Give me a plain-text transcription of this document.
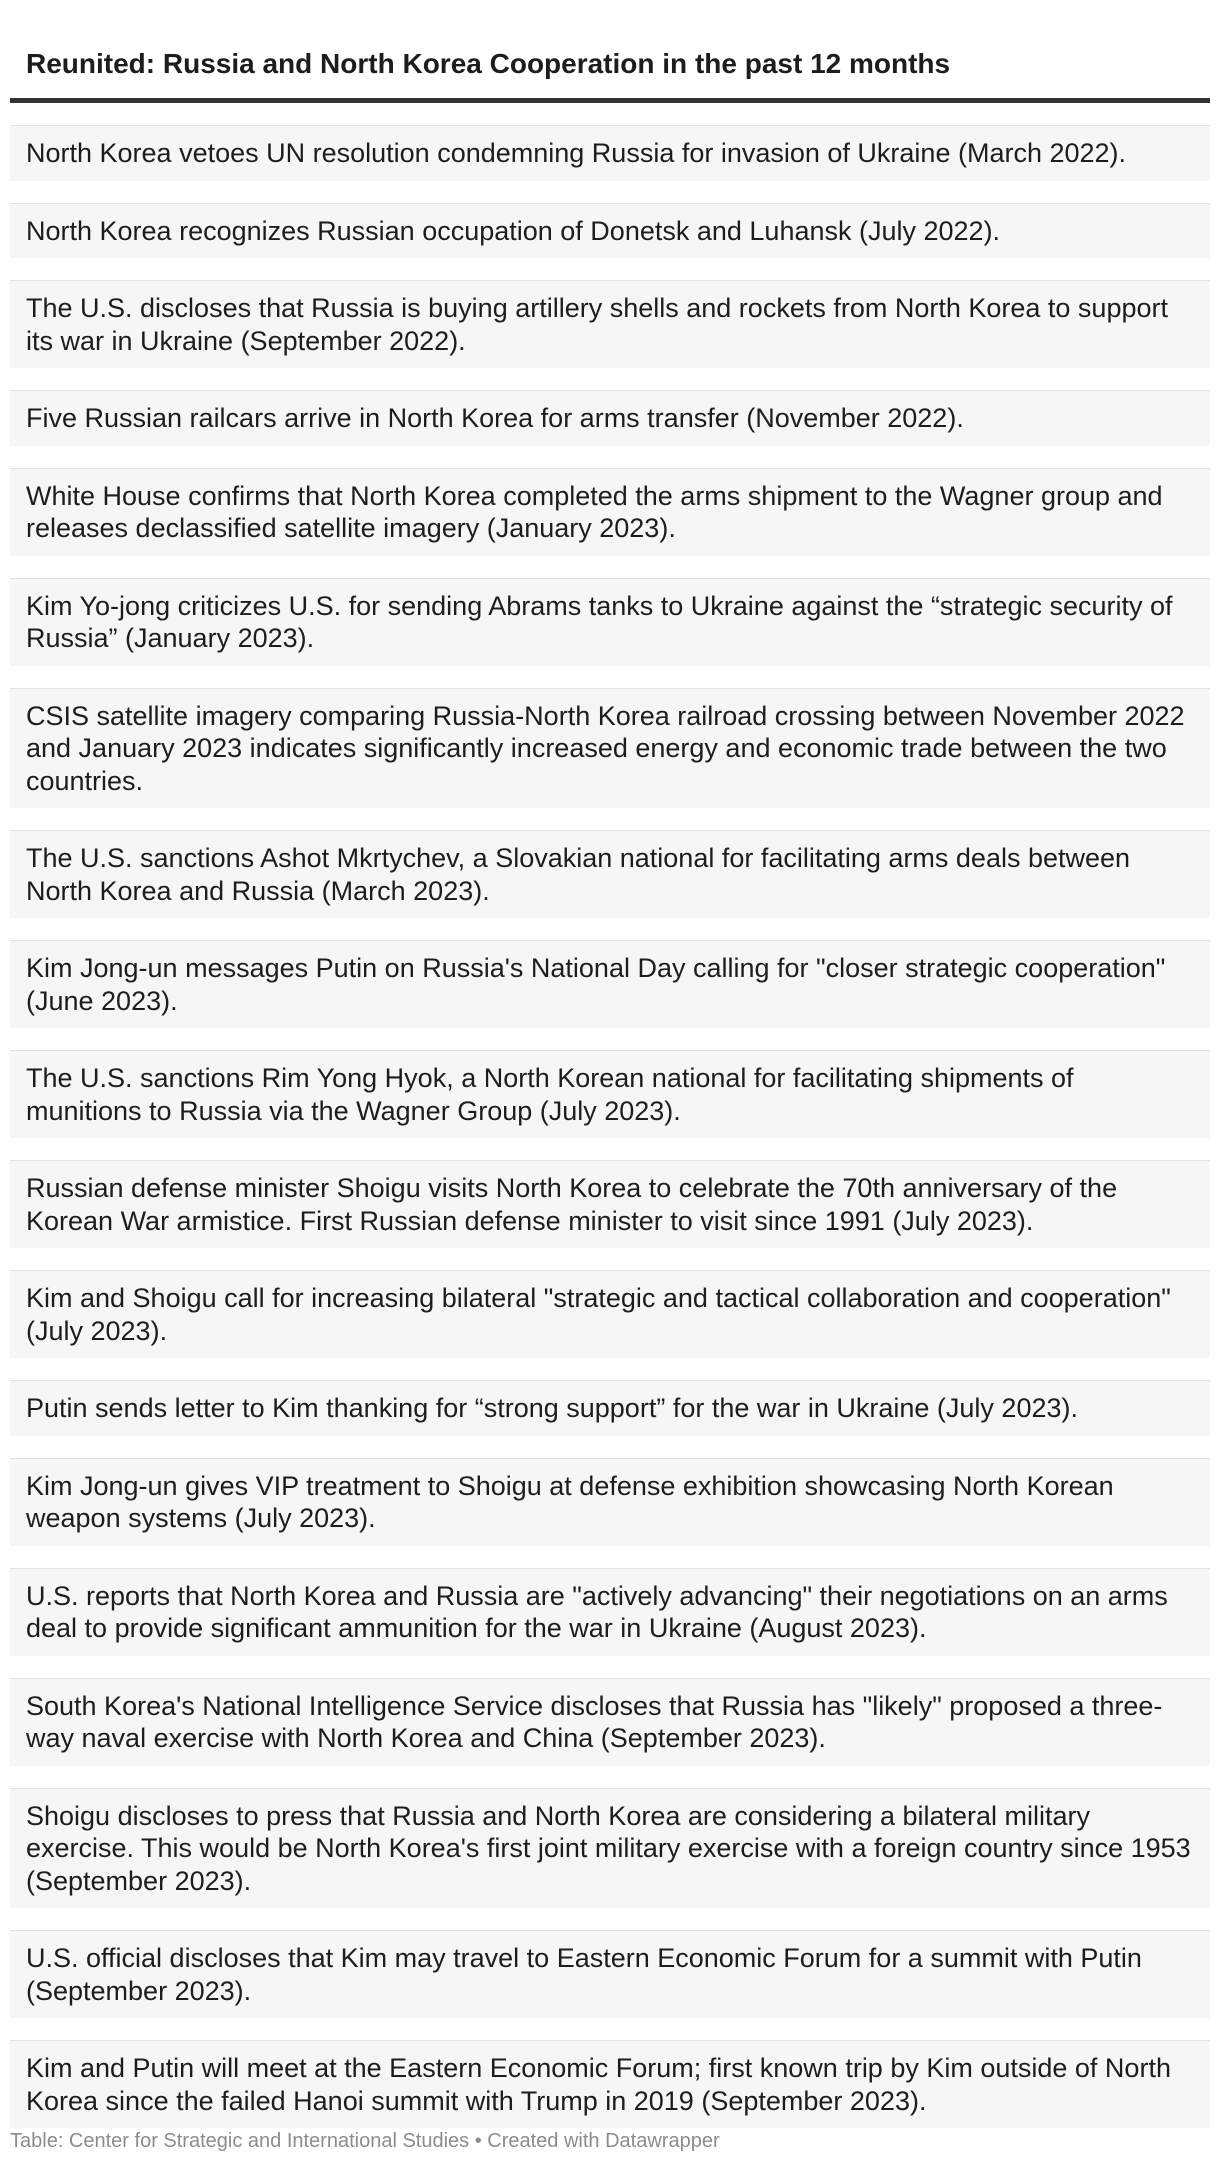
Reunited: Russia and North Korea Cooperation in the past 12 months
North Korea vetoes UN resolution condemning Russia for invasion of Ukraine (March 2022).
North Korea recognizes Russian occupation of Donetsk and Luhansk (July 2022).
The U.S. discloses that Russia is buying artillery shells and rockets from North Korea to support its war in Ukraine (September 2022).
Five Russian railcars arrive in North Korea for arms transfer (November 2022).
White House confirms that North Korea completed the arms shipment to the Wagner group and releases declassified satellite imagery (January 2023).
Kim Yo-jong criticizes U.S. for sending Abrams tanks to Ukraine against the “strategic security of Russia” (January 2023).
CSIS satellite imagery comparing Russia-North Korea railroad crossing between November 2022 and January 2023 indicates significantly increased energy and economic trade between the two countries.
The U.S. sanctions Ashot Mkrtychev, a Slovakian national for facilitating arms deals between North Korea and Russia (March 2023).
Kim Jong-un messages Putin on Russia's National Day calling for "closer strategic cooperation" (June 2023).
The U.S. sanctions Rim Yong Hyok, a North Korean national for facilitating shipments of munitions to Russia via the Wagner Group (July 2023).
Russian defense minister Shoigu visits North Korea to celebrate the 70th anniversary of the Korean War armistice. First Russian defense minister to visit since 1991 (July 2023).
Kim and Shoigu call for increasing bilateral "strategic and tactical collaboration and cooperation" (July 2023).
Putin sends letter to Kim thanking for “strong support” for the war in Ukraine (July 2023).
Kim Jong-un gives VIP treatment to Shoigu at defense exhibition showcasing North Korean weapon systems (July 2023).
U.S. reports that North Korea and Russia are "actively advancing" their negotiations on an arms deal to provide significant ammunition for the war in Ukraine (August 2023).
South Korea's National Intelligence Service discloses that Russia has "likely" proposed a three-way naval exercise with North Korea and China (September 2023).
Shoigu discloses to press that Russia and North Korea are considering a bilateral military exercise. This would be North Korea's first joint military exercise with a foreign country since 1953 (September 2023).
U.S. official discloses that Kim may travel to Eastern Economic Forum for a summit with Putin (September 2023).
Kim and Putin will meet at the Eastern Economic Forum; first known trip by Kim outside of North Korea since the failed Hanoi summit with Trump in 2019 (September 2023).
Table: Center for Strategic and International Studies • Created with Datawrapper
